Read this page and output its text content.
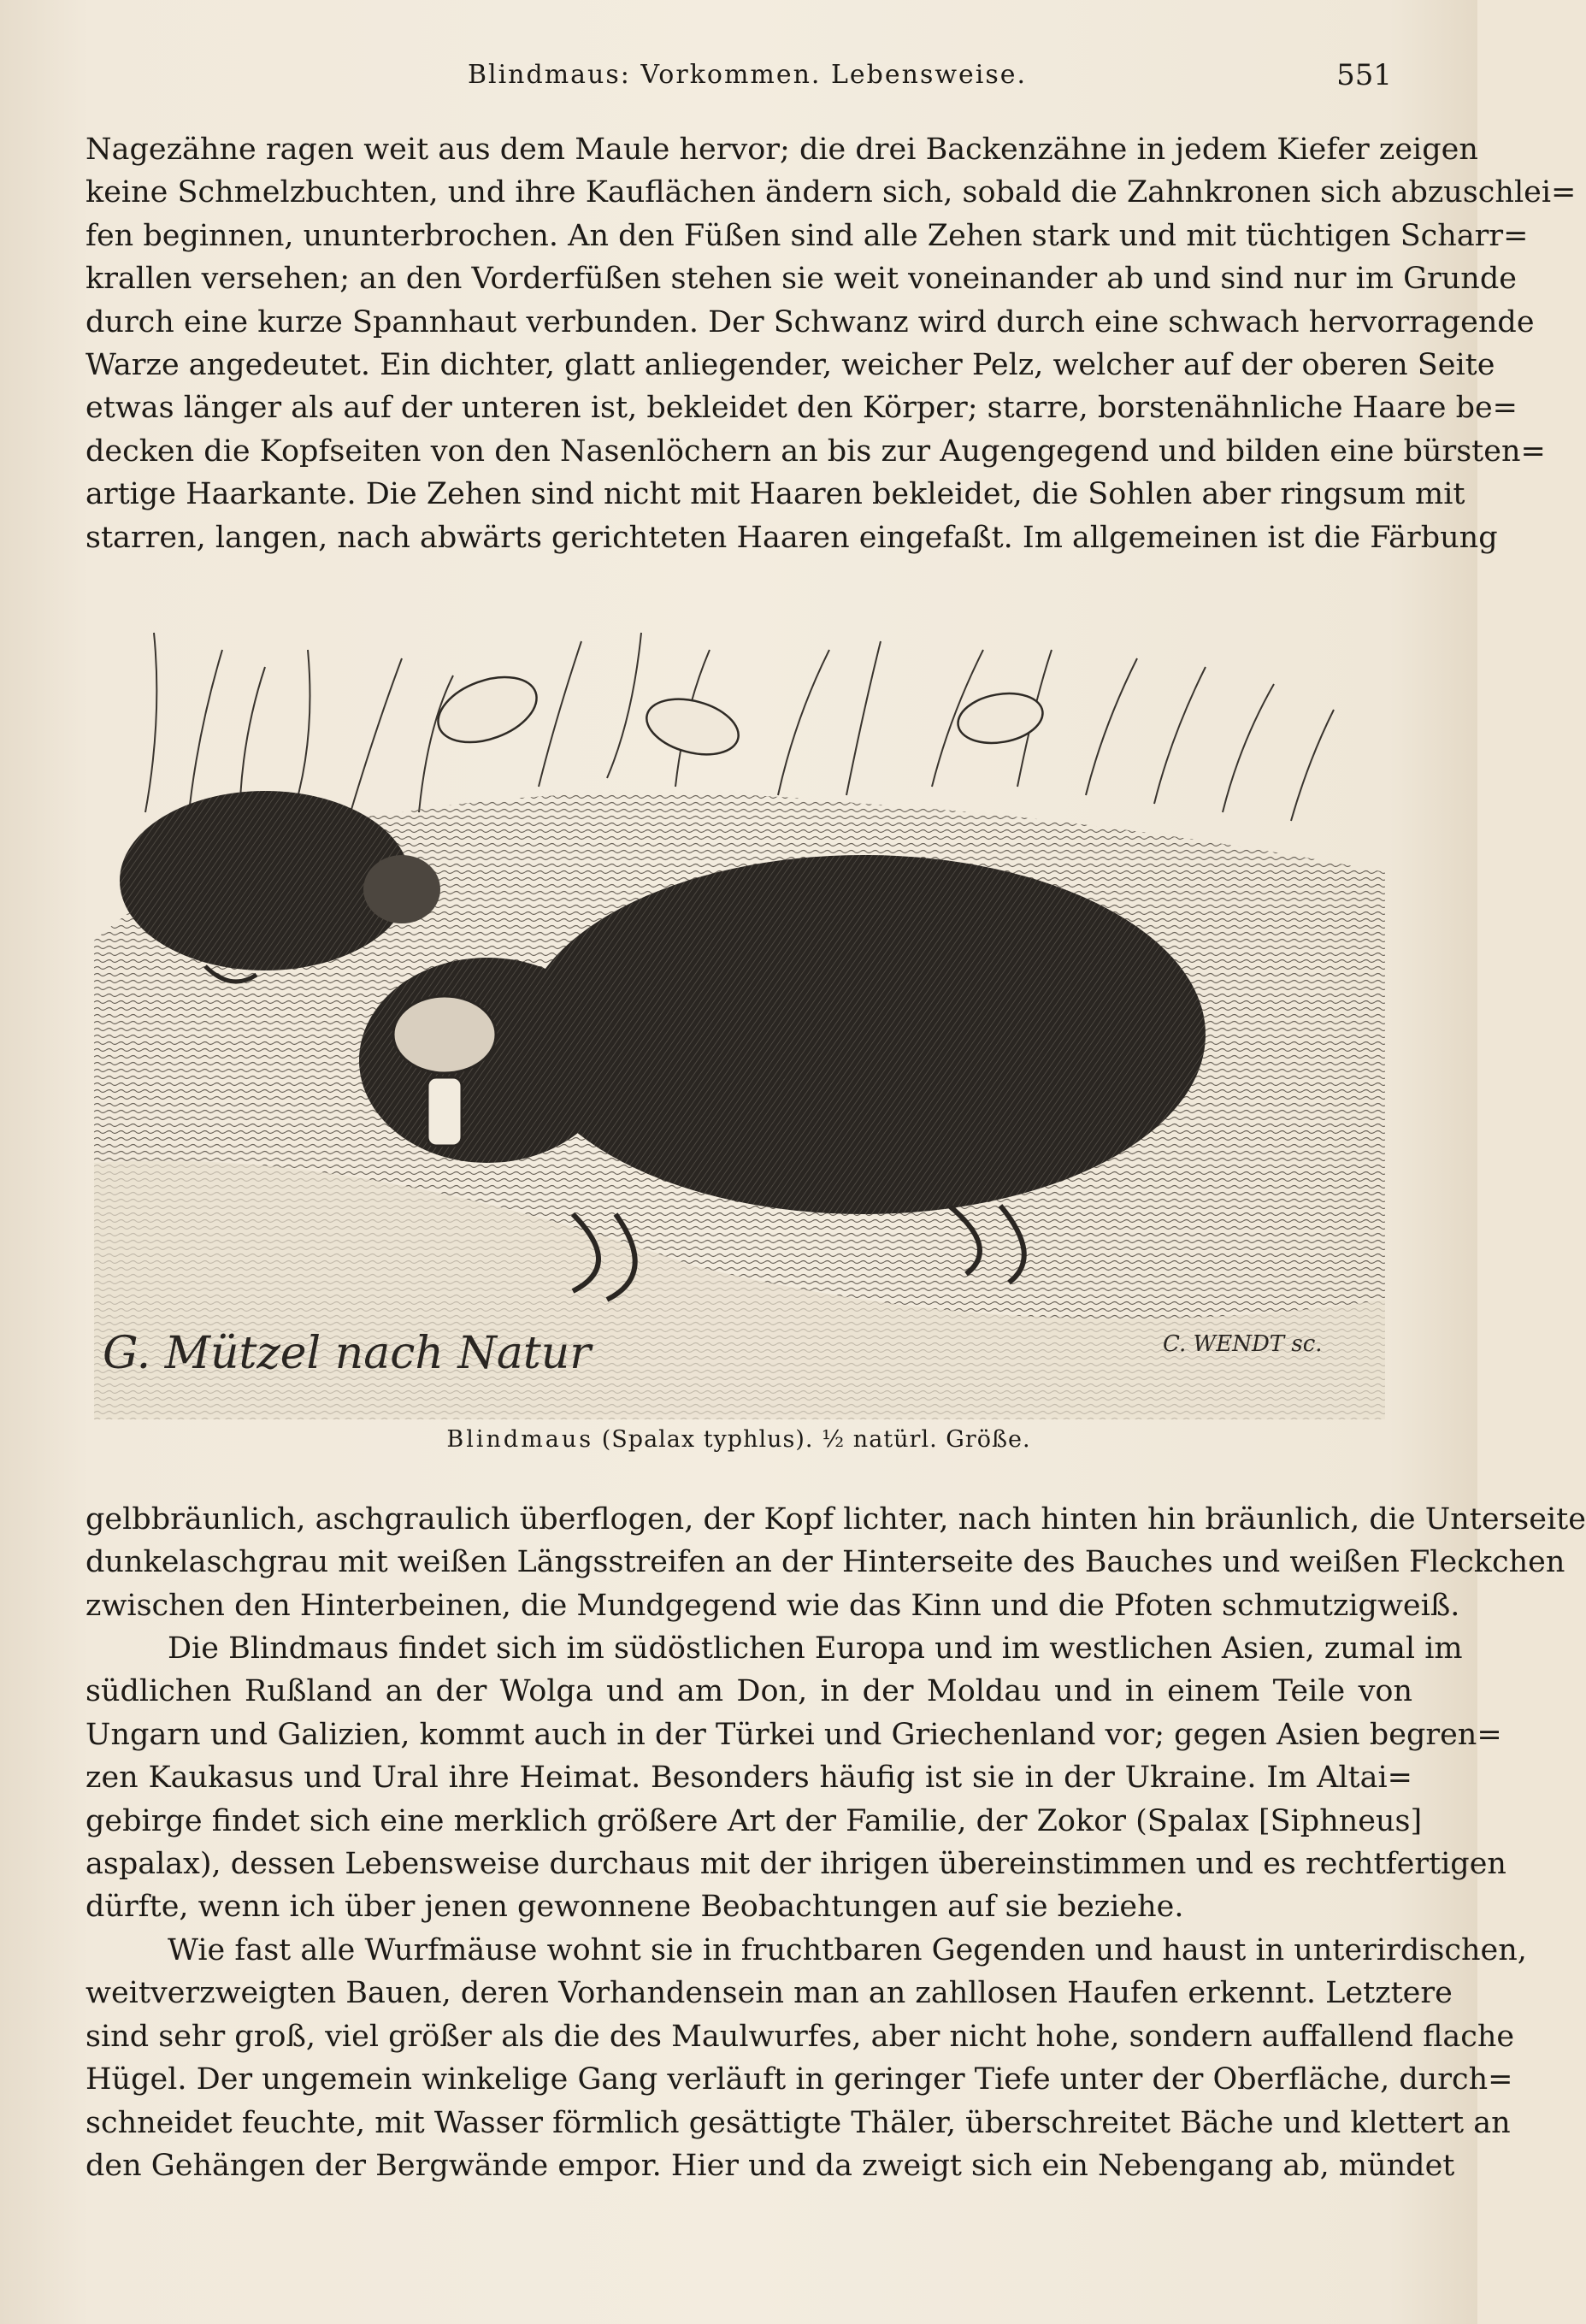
Blindmaus: Vorkommen. Lebensweise.	551
Nagezähne ragen weit aus dem Maule hervor; die drei Backenzähne in jedem Kiefer zeigen
keine Schmelzbuchten, und ihre Kauflächen ändern sich, sobald die Zahnkronen sich abzuschlei=
fen beginnen, ununterbrochen. An den Füßen sind alle Zehen stark und mit tüchtigen Scharr=
krallen versehen; an den Vorderfüßen stehen sie weit voneinander ab und sind nur im Grunde
durch eine kurze Spannhaut verbunden. Der Schwanz wird durch eine schwach hervorragende
Warze angedeutet. Ein dichter, glatt anliegender, weicher Pelz, welcher auf der oberen Seite
etwas länger als auf der unteren ist, bekleidet den Körper; starre, borstenähnliche Haare be=
decken die Kopfseiten von den Nasenlöchern an bis zur Augengegend und bilden eine bürsten=
artige Haarkante. Die Zehen sind nicht mit Haaren bekleidet, die Sohlen aber ringsum mit
starren, langen, nach abwärts gerichteten Haaren eingefaßt. Im allgemeinen ist die Färbung
G. Mützel nach Natur	C. WENDT sc.
Blindmaus (Spalax typhlus). ½ natürl. Größe.
gelbbräunlich, aschgraulich überflogen, der Kopf lichter, nach hinten hin bräunlich, die Unterseite
dunkelaschgrau mit weißen Längsstreifen an der Hinterseite des Bauches und weißen Fleckchen
zwischen den Hinterbeinen, die Mundgegend wie das Kinn und die Pfoten schmutzigweiß.
Die Blindmaus findet sich im südöstlichen Europa und im westlichen Asien, zumal im
südlichen Rußland an der Wolga und am Don, in der Moldau und in einem Teile von
Ungarn und Galizien, kommt auch in der Türkei und Griechenland vor; gegen Asien begren=
zen Kaukasus und Ural ihre Heimat. Besonders häufig ist sie in der Ukraine. Im Altai=
gebirge findet sich eine merklich größere Art der Familie, der Zokor (Spalax [Siphneus]
aspalax), dessen Lebensweise durchaus mit der ihrigen übereinstimmen und es rechtfertigen
dürfte, wenn ich über jenen gewonnene Beobachtungen auf sie beziehe.
Wie fast alle Wurfmäuse wohnt sie in fruchtbaren Gegenden und haust in unterirdischen,
weitverzweigten Bauen, deren Vorhandensein man an zahllosen Haufen erkennt. Letztere
sind sehr groß, viel größer als die des Maulwurfes, aber nicht hohe, sondern auffallend flache
Hügel. Der ungemein winkelige Gang verläuft in geringer Tiefe unter der Oberfläche, durch=
schneidet feuchte, mit Wasser förmlich gesättigte Thäler, überschreitet Bäche und klettert an
den Gehängen der Bergwände empor. Hier und da zweigt sich ein Nebengang ab, mündet
